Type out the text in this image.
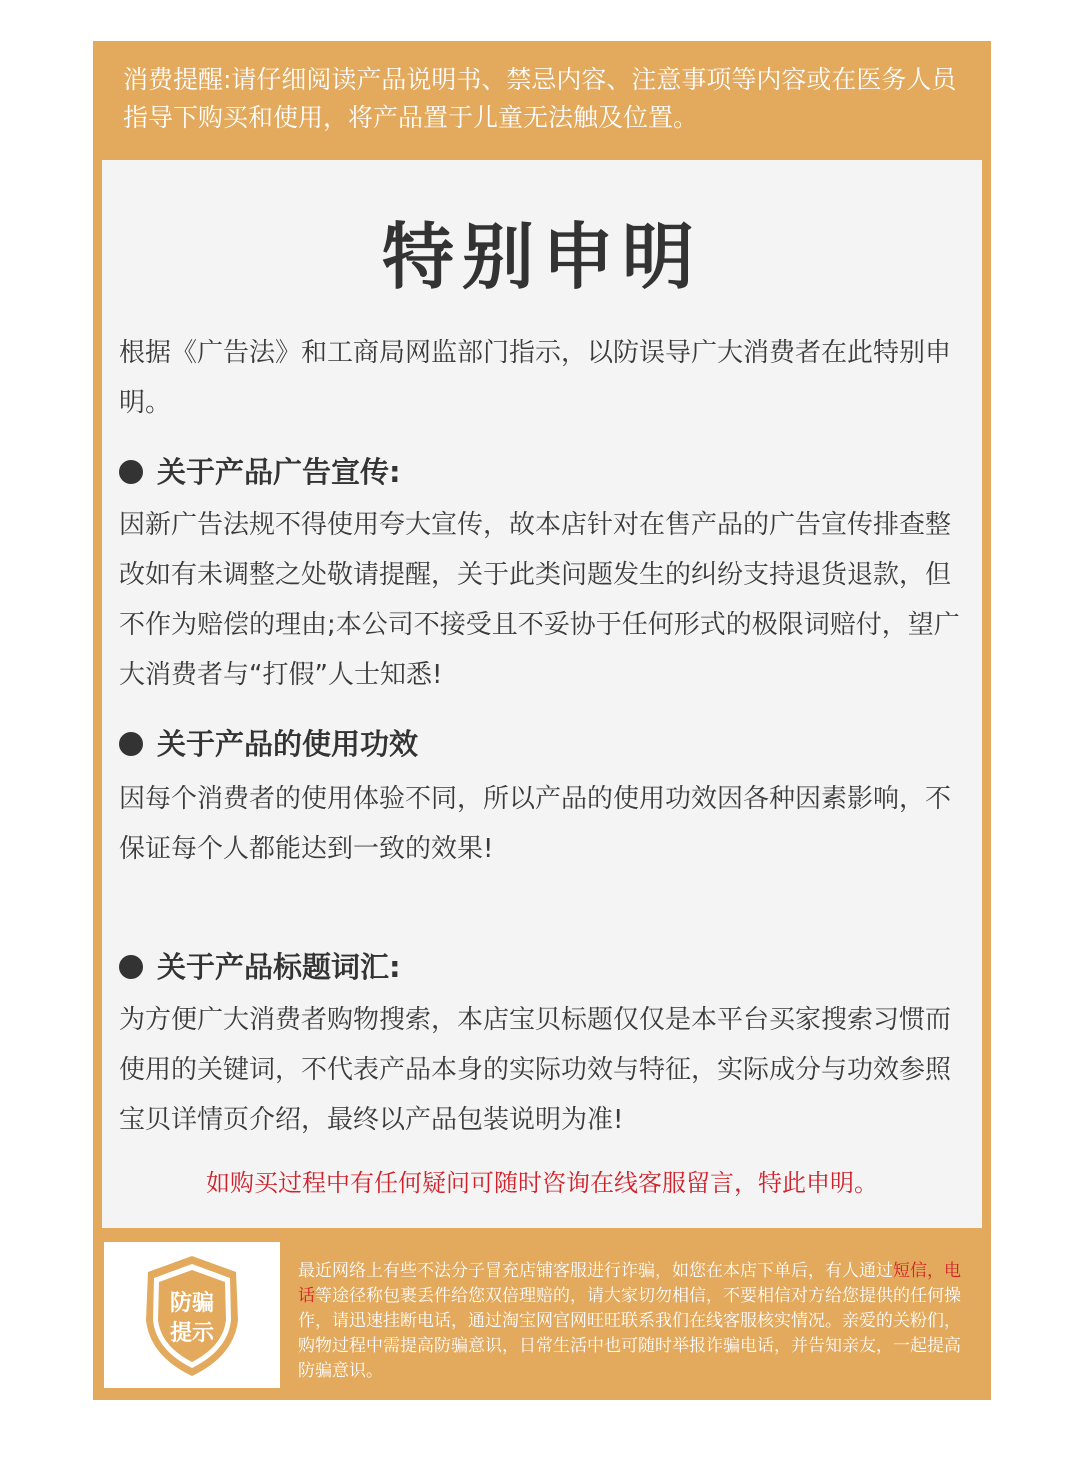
消费提醒:请仔细阅读产品说明书、禁忌内容、注意事项等内容或在医务人员指导下购买和使用，将产品置于儿童无法触及位置。
特别申明
根据《广告法》和工商局网监部门指示，以防误导广大消费者在此特别申明。
关于产品广告宣传:
因新广告法规不得使用夸大宣传，故本店针对在售产品的广告宣传排查整改如有未调整之处敬请提醒，关于此类问题发生的纠纷支持退货退款，但不作为赔偿的理由;本公司不接受且不妥协于任何形式的极限词赔付，望广大消费者与“打假”人士知悉!
关于产品的使用功效
因每个消费者的使用体验不同，所以产品的使用功效因各种因素影响，不保证每个人都能达到一致的效果!
关于产品标题词汇:
为方便广大消费者购物搜索，本店宝贝标题仅仅是本平台买家搜索习惯而使用的关键词，不代表产品本身的实际功效与特征，实际成分与功效参照宝贝详情页介绍，最终以产品包装说明为准!
如购买过程中有任何疑问可随时咨询在线客服留言，特此申明。
防骗
提示
最近网络上有些不法分子冒充店铺客服进行诈骗，如您在本店下单后，有人通过短信，电话等途径称包裹丢件给您双倍理赔的，请大家切勿相信，不要相信对方给您提供的任何操作，请迅速挂断电话，通过淘宝网官网旺旺联系我们在线客服核实情况。亲爱的关粉们，购物过程中需提高防骗意识，日常生活中也可随时举报诈骗电话，并告知亲友，一起提高防骗意识。
